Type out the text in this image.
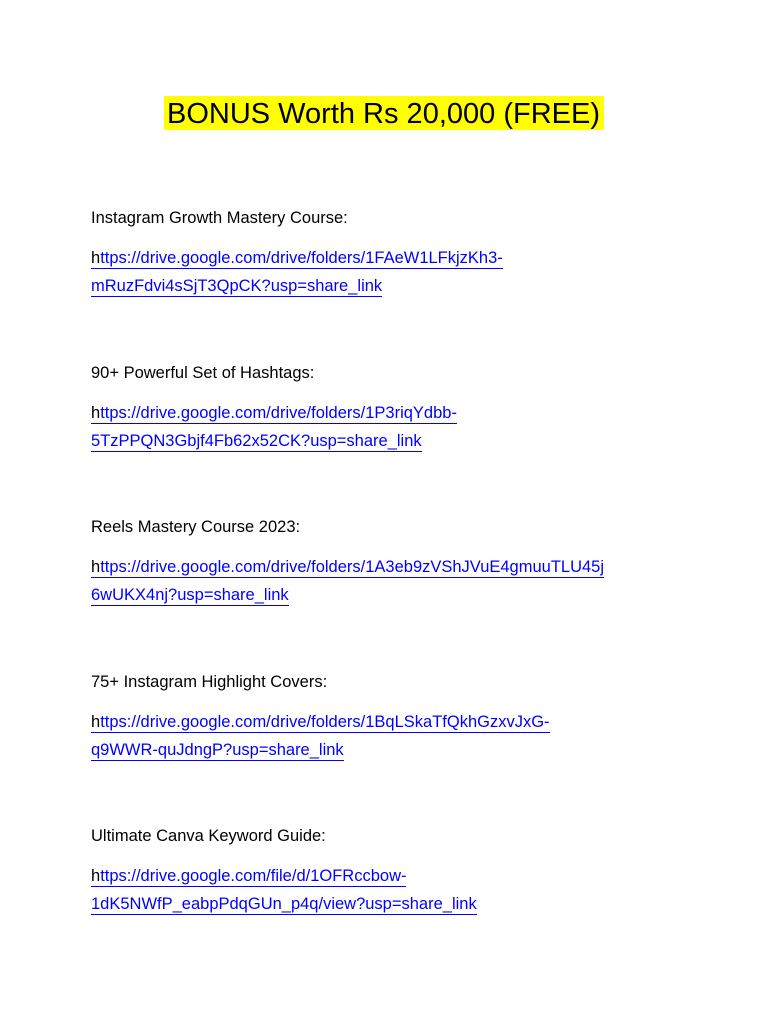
BONUS Worth Rs 20,000 (FREE)
Instagram Growth Mastery Course:
https://drive.google.com/drive/folders/1FAeW1LFkjzKh3-
mRuzFdvi4sSjT3QpCK?usp=share_link
90+ Powerful Set of Hashtags:
https://drive.google.com/drive/folders/1P3riqYdbb-
5TzPPQN3Gbjf4Fb62x52CK?usp=share_link
Reels Mastery Course 2023:
https://drive.google.com/drive/folders/1A3eb9zVShJVuE4gmuuTLU45j
6wUKX4nj?usp=share_link
75+ Instagram Highlight Covers:
https://drive.google.com/drive/folders/1BqLSkaTfQkhGzxvJxG-
q9WWR-quJdngP?usp=share_link
Ultimate Canva Keyword Guide:
https://drive.google.com/file/d/1OFRccbow-
1dK5NWfP_eabpPdqGUn_p4q/view?usp=share_link
